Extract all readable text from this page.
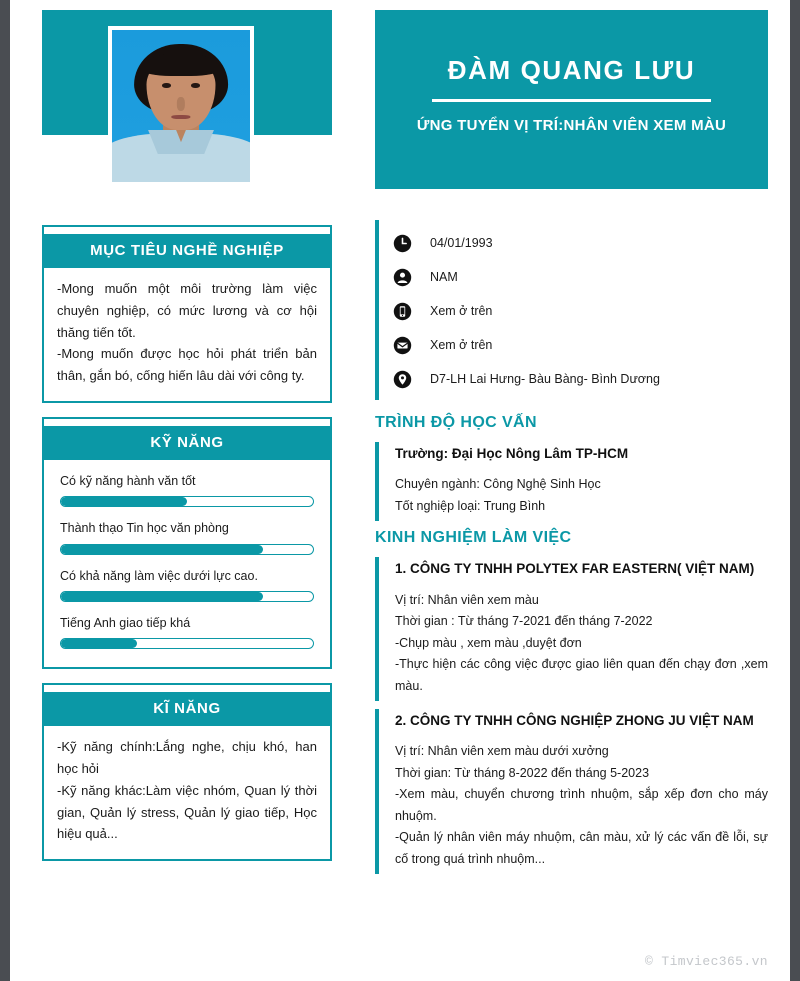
ĐÀM QUANG LƯU
ỨNG TUYỂN VỊ TRÍ:NHÂN VIÊN XEM MÀU
MỤC TIÊU NGHỀ NGHIỆP

-Mong muốn một môi trường làm việc chuyên nghiệp, có mức lương và cơ hội thăng tiến tốt.

-Mong muốn được học hỏi phát triển bản thân, gắn bó, cống hiến lâu dài với công ty.

KỸ NĂNG
Có kỹ năng hành văn tốt
Thành thạo Tin học văn phòng
Có khả năng làm việc dưới lực cao.
Tiếng Anh giao tiếp khá
KĨ NĂNG

-Kỹ năng chính:Lắng nghe, chịu khó, han học hỏi

-Kỹ năng khác:Làm việc nhóm, Quan lý thời gian, Quản lý stress, Quản lý giao tiếp, Học hiệu quả...

04/01/1993
NAM
Xem ở trên
Xem ở trên
D7-LH Lai Hưng- Bàu Bàng- Bình Dương
TRÌNH ĐỘ HỌC VẤN
Trường: Đại Học Nông Lâm TP-HCM

Chuyên ngành: Công Nghệ Sinh Học

Tốt nghiệp loại: Trung Bình

KINH NGHIỆM LÀM VIỆC
1. CÔNG TY TNHH POLYTEX FAR EASTERN( VIỆT NAM)

Vị trí: Nhân viên xem màu

Thời gian : Từ tháng 7-2021 đến tháng 7-2022

-Chụp màu , xem màu ,duyệt đơn

-Thực hiện các công việc được giao liên quan đến chạy đơn ,xem màu.

2. CÔNG TY TNHH CÔNG NGHIỆP ZHONG JU VIỆT NAM

Vị trí: Nhân viên xem màu dưới xưởng

Thời gian: Từ tháng 8-2022 đến tháng 5-2023

-Xem màu, chuyển chương trình nhuộm, sắp xếp đơn cho máy nhuộm.

-Quản lý nhân viên máy nhuộm, cân màu, xử lý các vấn đề lỗi, sự cố trong quá trình nhuộm...

© Timviec365.vn
